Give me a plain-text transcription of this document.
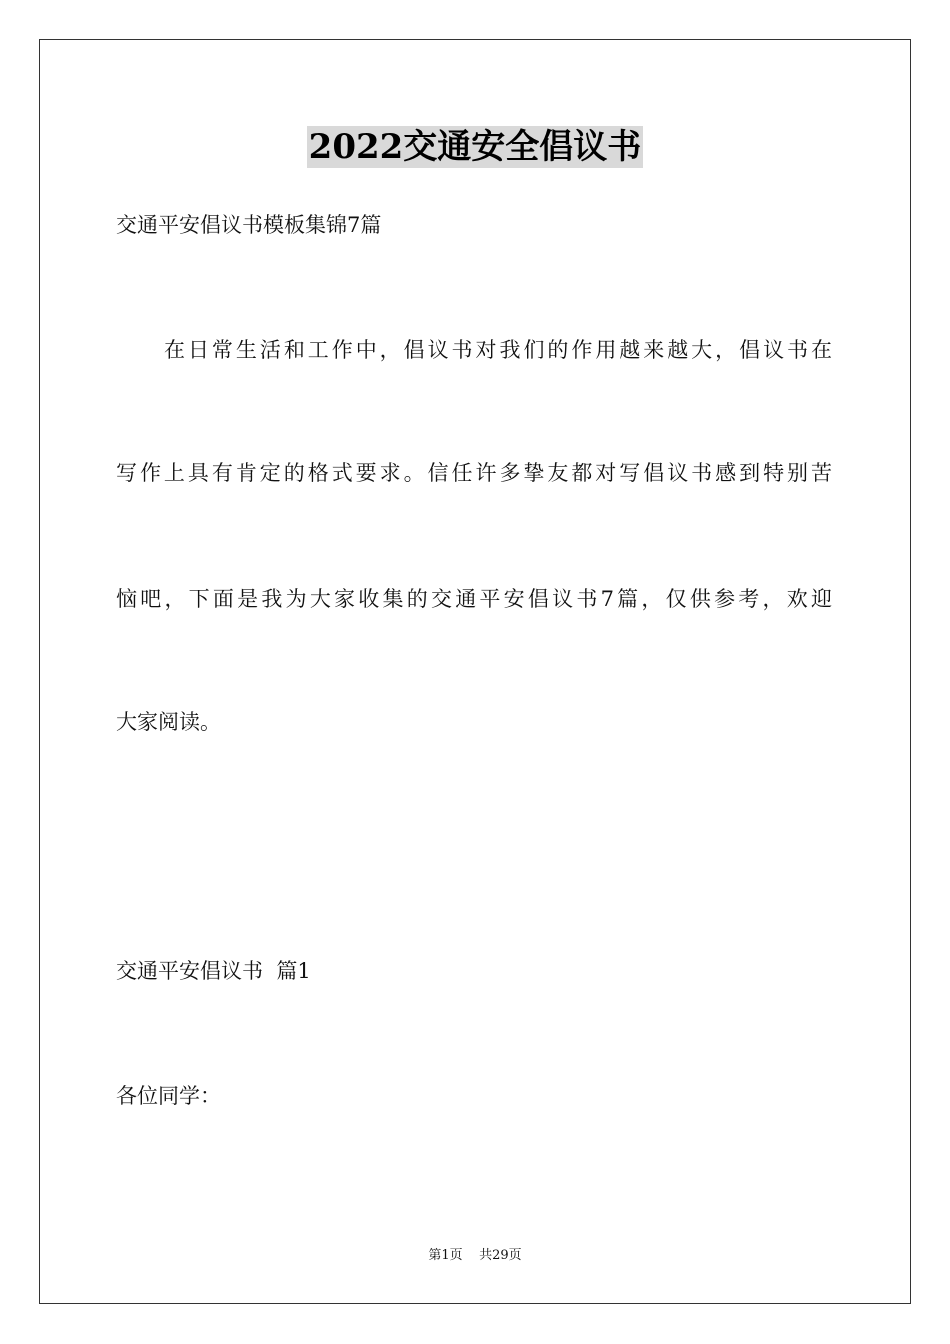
2022交通安全倡议书
交通平安倡议书模板集锦7篇
在日常生活和工作中，倡议书对我们的作用越来越大，倡议书在
写作上具有肯定的格式要求。信任许多挚友都对写倡议书感到特别苦
恼吧，下面是我为大家收集的交通平安倡议书7篇，仅供参考，欢迎
大家阅读。
交通平安倡议书  篇1
各位同学：
第1页 共29页
